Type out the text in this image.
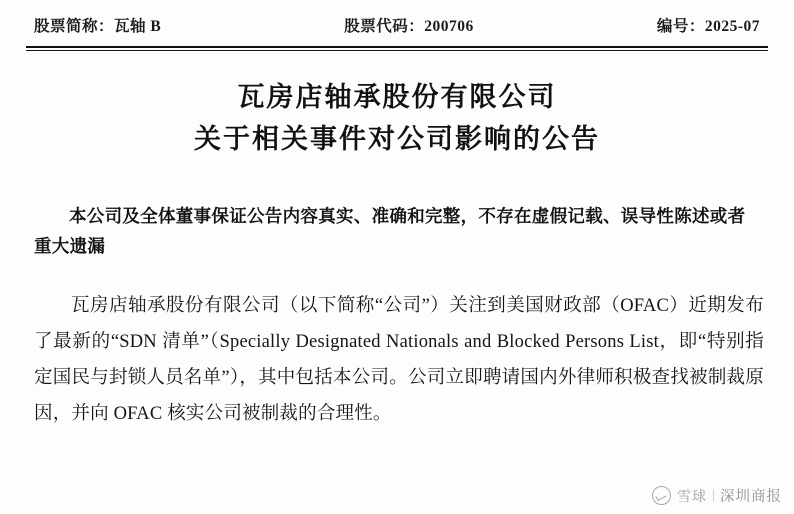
股票简称：瓦轴 B	股票代码：200706	编号：2025-07
瓦房店轴承股份有限公司
关于相关事件对公司影响的公告
本公司及全体董事保证公告内容真实、准确和完整，不存在虚假记载、误导性陈述或者重大遗漏
瓦房店轴承股份有限公司（以下简称“公司”）关注到美国财政部（OFAC）近期发布了最新的“SDN 清单”（Specially Designated Nationals and Blocked Persons List，即“特别指定国民与封锁人员名单”），其中包括本公司。公司立即聘请国内外律师积极查找被制裁原因，并向 OFAC 核实公司被制裁的合理性。
雪球 深圳商报
